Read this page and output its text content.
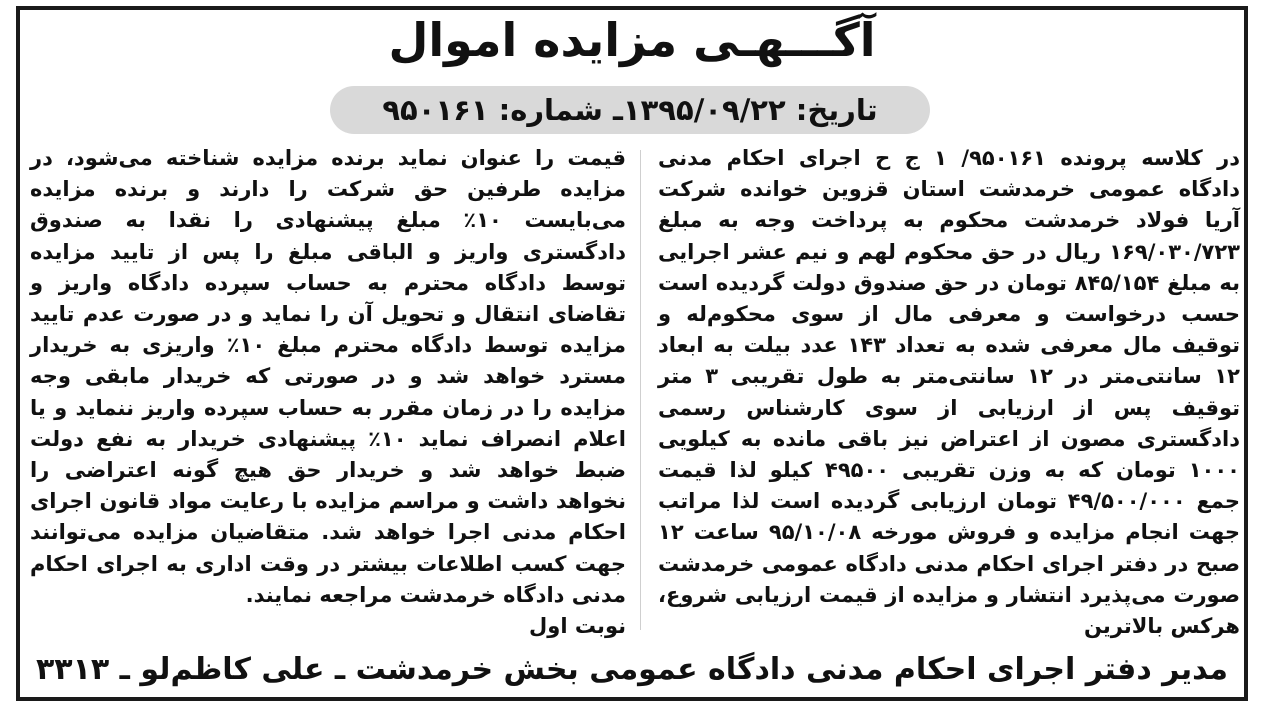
آگـــهـی مزایده اموال
تاریخ: ۱۳۹۵/۰۹/۲۲ـ شماره: ۹۵۰۱۶۱

در کلاسه پرونده ۹۵۰۱۶۱/ ۱ ج ح اجرای احکام مدنی دادگاه عمومی خرمدشت استان قزوین خوانده شرکت آریا فولاد خرمدشت محکوم به پرداخت وجه به مبلغ ۱۶۹/۰۳۰/۷۲۳ ریال در حق محکوم لهم و نیم عشر اجرایی به مبلغ ۸۴۵/۱۵۴ تومان در حق صندوق دولت گردیده است حسب درخواست و معرفی مال از سوی محکوم‌له و توقیف مال معرفی شده به تعداد ۱۴۳ عدد بیلت به ابعاد ۱۲ سانتی‌متر در ۱۲ سانتی‌متر به طول تقریبی ۳ متر توقیف پس از ارزیابی از سوی کارشناس رسمی دادگستری مصون از اعتراض نیز باقی مانده به کیلویی ۱۰۰۰ تومان که به وزن تقریبی ۴۹۵۰۰ کیلو لذا قیمت جمع ۴۹/۵۰۰/۰۰۰ تومان ارزیابی گردیده است لذا مراتب جهت انجام مزایده و فروش مورخه ۹۵/۱۰/۰۸ ساعت ۱۲ صبح در دفتر اجرای احکام مدنی دادگاه عمومی خرمدشت صورت می‌پذیرد انتشار و مزایده از قیمت ارزیابی شروع، هرکس بالاترین

قیمت را عنوان نماید برنده مزایده شناخته می‌شود، در مزایده طرفین حق شرکت را دارند و برنده مزایده می‌بایست ۱۰٪ مبلغ پیشنهادی را نقدا به صندوق دادگستری واریز و الباقی مبلغ را پس از تایید مزایده توسط دادگاه محترم به حساب سپرده دادگاه واریز و تقاضای انتقال و تحویل آن را نماید و در صورت عدم تایید مزایده توسط دادگاه محترم مبلغ ۱۰٪ واریزی به خریدار مسترد خواهد شد و در صورتی که خریدار مابقی وجه مزایده را در زمان مقرر به حساب سپرده واریز ننماید و یا اعلام انصراف نماید ۱۰٪ پیشنهادی خریدار به نفع دولت ضبط خواهد شد و خریدار حق هیچ گونه اعتراضی را نخواهد داشت و مراسم مزایده با رعایت مواد قانون اجرای احکام مدنی اجرا خواهد شد. متقاضیان مزایده می‌توانند جهت کسب اطلاعات بیشتر در وقت اداری به اجرای احکام مدنی دادگاه خرمدشت مراجعه نمایند.

نوبت اول

مدیر دفتر اجرای احکام مدنی دادگاه عمومی بخش خرمدشت ـ علی کاظم‌لو ـ ۳۳۱۳
